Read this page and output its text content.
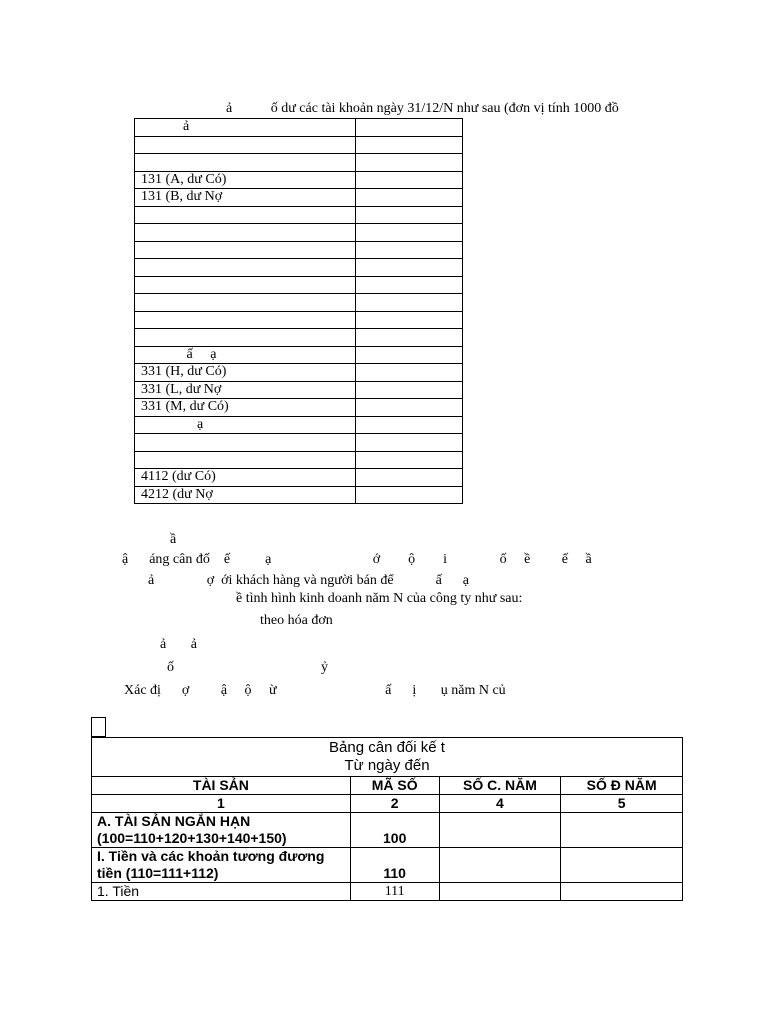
ả           ố dư các tài khoản ngày 31/12/N như sau (đơn vị tính 1000 đồ
ả	

131 (A, dư Có)	
131 (B, dư Nợ	

ấ     ạ	
331 (H, dư Có)	
331 (L, dư Nợ	
331 (M, dư Có)	
ạ	

4112 (dư Có)	
4212 (dư Nợ	
ầ
ậ      áng cân đố    ế          ạ                             ớ        ộ        i               ố     ề         ế     ầ
ả               ợ  ới khách hàng và người bán để            ấ      ạ
ề tình hình kinh doanh năm N của công ty như sau:
theo hóa đơn
ả       ả
ố                                          ỷ
Xác đị      ợ         ậ     ộ     ừ                               ấ      ị       ụ năm N củ
Bảng cân đối kế t
Từ ngày đến			

TÀI SẢN	MÃ SỐ	SỐ C. NĂM	SỐ Đ NĂM
1	2	4	5
A. TÀI SẢN NGẮN HẠN (100=110+120+130+140+150)	100		
I. Tiền và các khoản tương đương tiền (110=111+112)	110		
1. Tiền	111		
